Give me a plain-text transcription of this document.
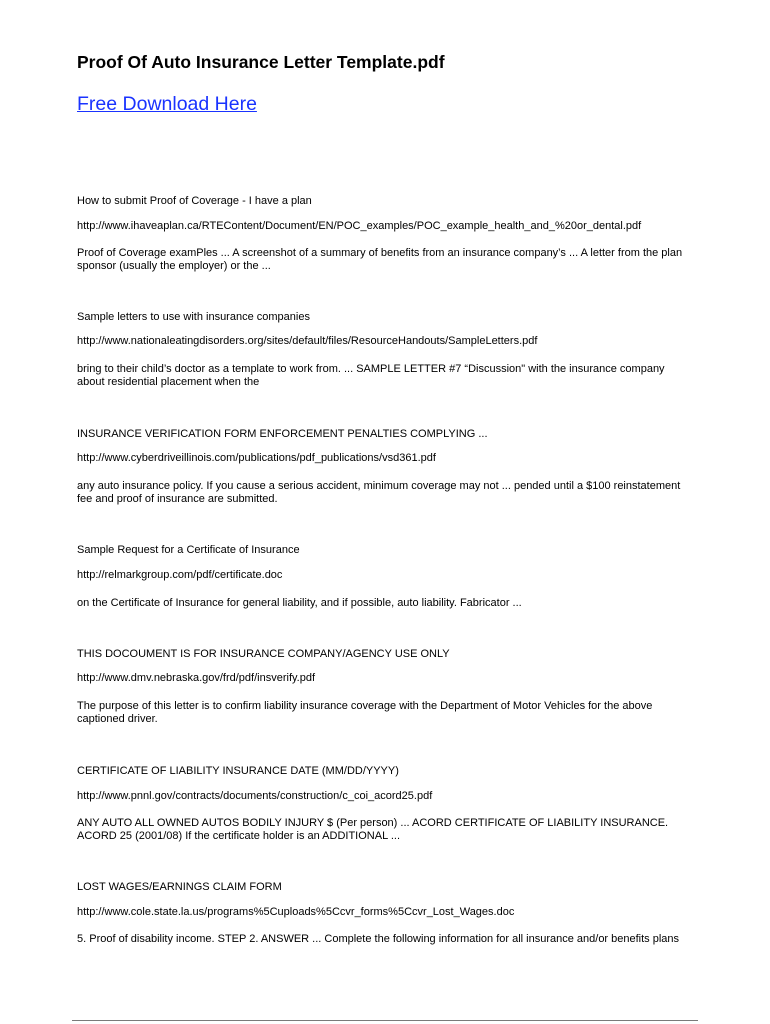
Proof Of Auto Insurance Letter Template.pdf
Free Download Here
How to submit Proof of Coverage - I have a plan
http://www.ihaveaplan.ca/RTEContent/Document/EN/POC_examples/POC_example_health_and_%20or_dental.pdf
Proof of Coverage examPles ... A screenshot of a summary of benefits from an insurance company’s ... A letter from the plan
sponsor (usually the employer) or the ...
Sample letters to use with insurance companies
http://www.nationaleatingdisorders.org/sites/default/files/ResourceHandouts/SampleLetters.pdf
bring to their child’s doctor as a template to work from. ... SAMPLE LETTER #7 “Discussion" with the insurance company
about residential placement when the
INSURANCE VERIFICATION FORM ENFORCEMENT PENALTIES COMPLYING ...
http://www.cyberdriveillinois.com/publications/pdf_publications/vsd361.pdf
any auto insurance policy. If you cause a serious accident, minimum coverage may not ... pended until a $100 reinstatement
fee and proof of insurance are submitted.
Sample Request for a Certificate of Insurance
http://relmarkgroup.com/pdf/certificate.doc
on the Certificate of Insurance for general liability, and if possible, auto liability. Fabricator ...
THIS DOCOUMENT IS FOR INSURANCE COMPANY/AGENCY USE ONLY
http://www.dmv.nebraska.gov/frd/pdf/insverify.pdf
The purpose of this letter is to confirm liability insurance coverage with the Department of Motor Vehicles for the above
captioned driver.
CERTIFICATE OF LIABILITY INSURANCE DATE (MM/DD/YYYY)
http://www.pnnl.gov/contracts/documents/construction/c_coi_acord25.pdf
ANY AUTO ALL OWNED AUTOS BODILY INJURY $ (Per person) ... ACORD CERTIFICATE OF LIABILITY INSURANCE.
ACORD 25 (2001/08) If the certificate holder is an ADDITIONAL ...
LOST WAGES/EARNINGS CLAIM FORM
http://www.cole.state.la.us/programs%5Cuploads%5Ccvr_forms%5Ccvr_Lost_Wages.doc
5. Proof of disability income. STEP 2. ANSWER ... Complete the following information for all insurance and/or benefits plans
